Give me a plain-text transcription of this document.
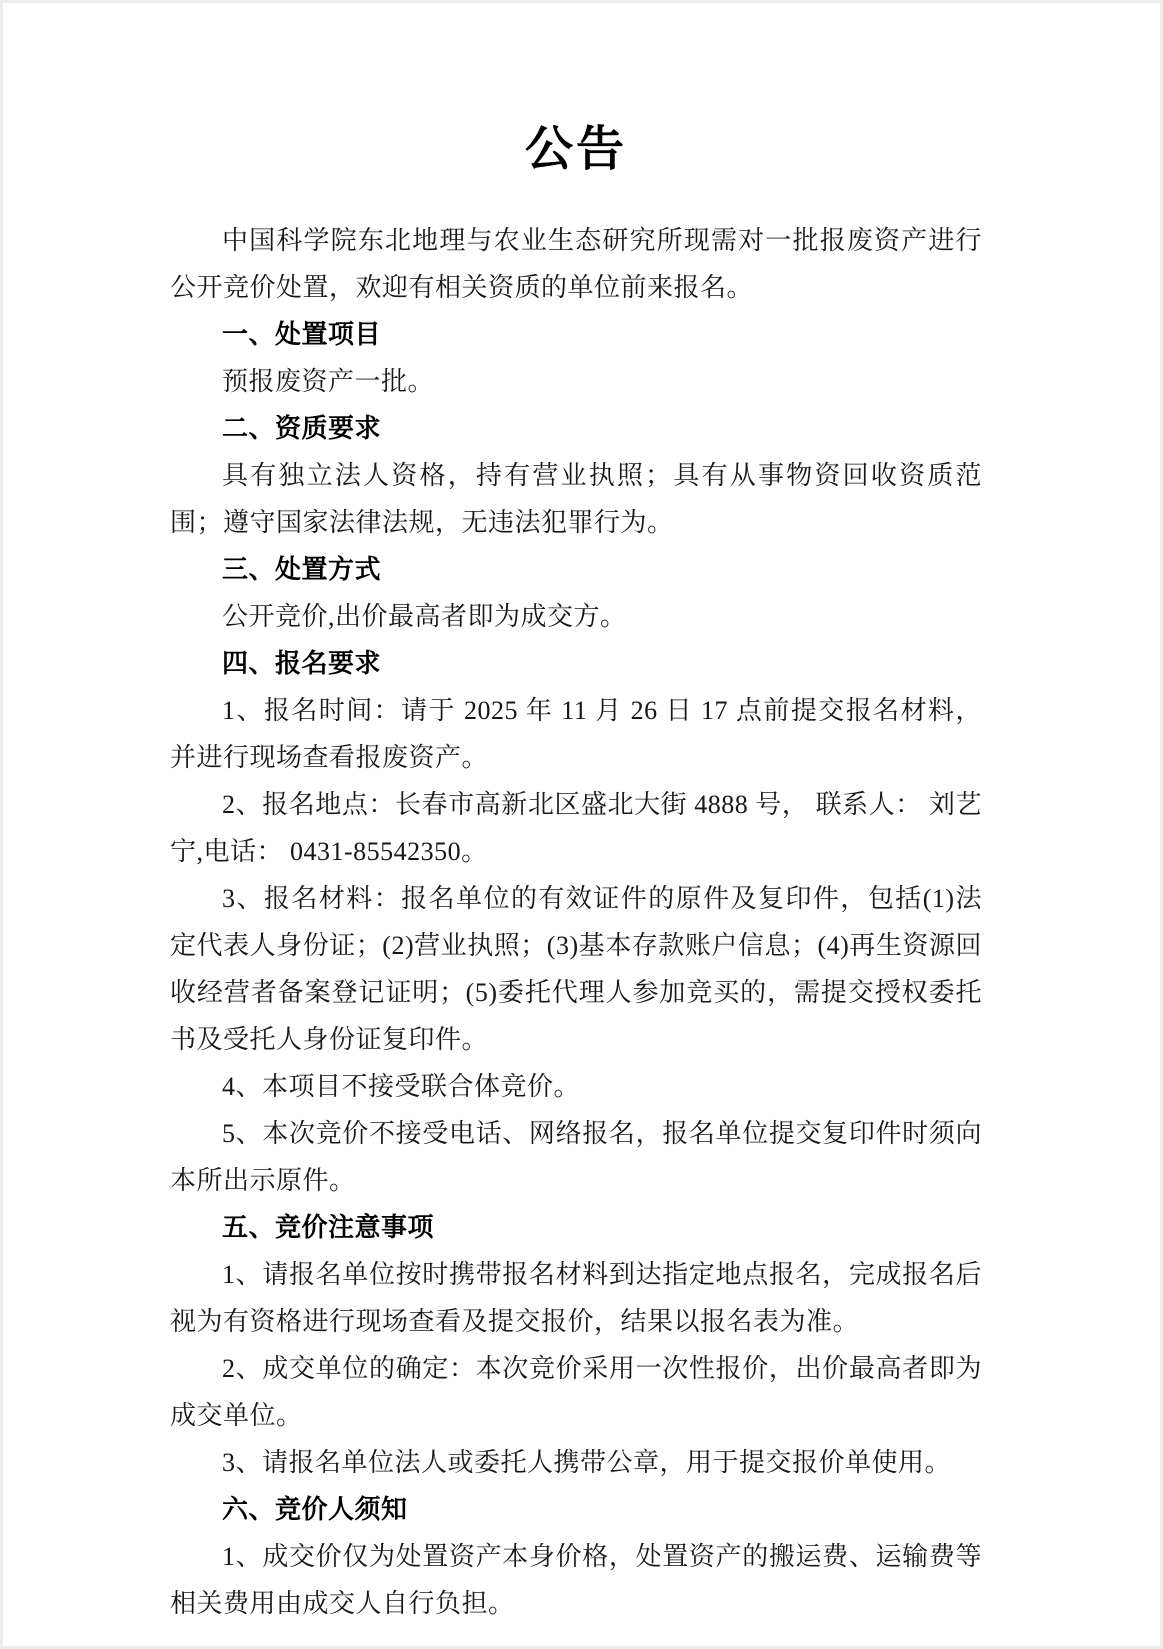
公告

中国科学院东北地理与农业生态研究所现需对一批报废资产进行公开竞价处置，欢迎有相关资质的单位前来报名。

一、处置项目

预报废资产一批。

二、资质要求

具有独立法人资格，持有营业执照；具有从事物资回收资质范围；遵守国家法律法规，无违法犯罪行为。

三、处置方式

公开竞价,出价最高者即为成交方。

四、报名要求

1、报名时间：请于 2025 年 11 月 26 日 17 点前提交报名材料，并进行现场查看报废资产。

2、报名地点：长春市高新北区盛北大街 4888 号， 联系人： 刘艺宁,电话： 0431-85542350。

3、报名材料：报名单位的有效证件的原件及复印件，包括(1)法定代表人身份证；(2)营业执照；(3)基本存款账户信息；(4)再生资源回收经营者备案登记证明；(5)委托代理人参加竞买的，需提交授权委托书及受托人身份证复印件。

4、本项目不接受联合体竞价。

5、本次竞价不接受电话、网络报名，报名单位提交复印件时须向本所出示原件。

五、竞价注意事项

1、请报名单位按时携带报名材料到达指定地点报名，完成报名后视为有资格进行现场查看及提交报价，结果以报名表为准。

2、成交单位的确定：本次竞价采用一次性报价，出价最高者即为成交单位。

3、请报名单位法人或委托人携带公章，用于提交报价单使用。

六、竞价人须知

1、成交价仅为处置资产本身价格，处置资产的搬运费、运输费等相关费用由成交人自行负担。
